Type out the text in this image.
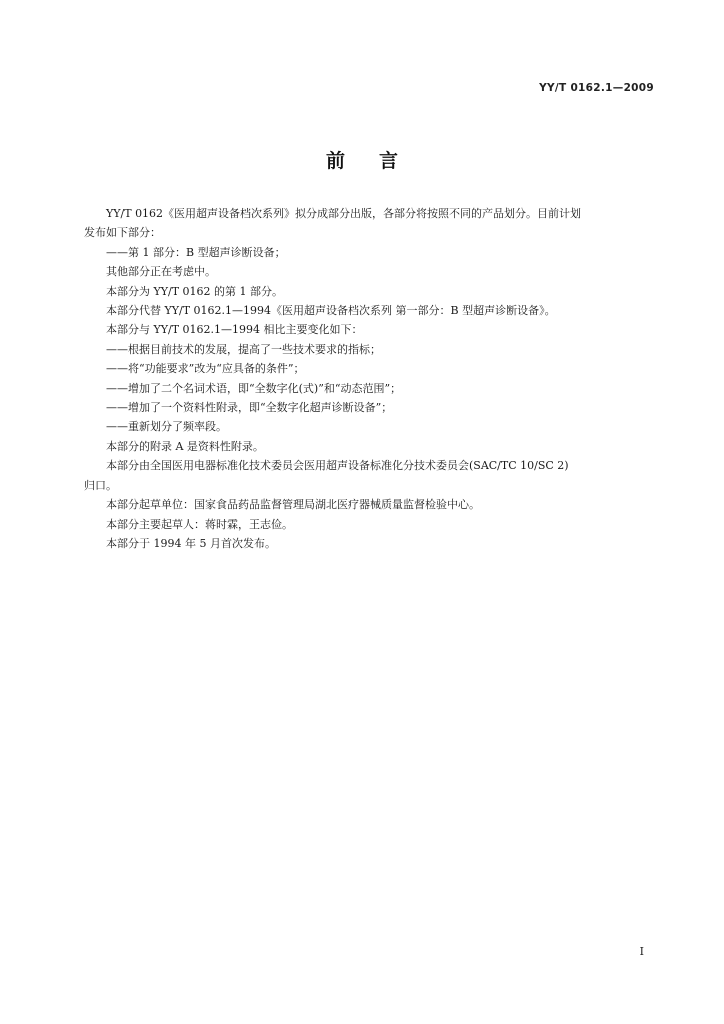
YY/T 0162.1—2009
前言

YY/T 0162《医用超声设备档次系列》拟分成部分出版，各部分将按照不同的产品划分。目前计划

发布如下部分：

——第 1 部分：B 型超声诊断设备；

其他部分正在考虑中。

本部分为 YY/T 0162 的第 1 部分。

本部分代替 YY/T 0162.1—1994《医用超声设备档次系列 第一部分：B 型超声诊断设备》。

本部分与 YY/T 0162.1—1994 相比主要变化如下：

——根据目前技术的发展，提高了一些技术要求的指标；

——将“功能要求”改为“应具备的条件”；

——增加了二个名词术语，即“全数字化(式)”和“动态范围”；

——增加了一个资料性附录，即“全数字化超声诊断设备”；

——重新划分了频率段。

本部分的附录 A 是资料性附录。

本部分由全国医用电器标准化技术委员会医用超声设备标准化分技术委员会(SAC/TC 10/SC 2)

归口。

本部分起草单位：国家食品药品监督管理局湖北医疗器械质量监督检验中心。

本部分主要起草人：蒋时霖，王志俭。

本部分于 1994 年 5 月首次发布。

I
